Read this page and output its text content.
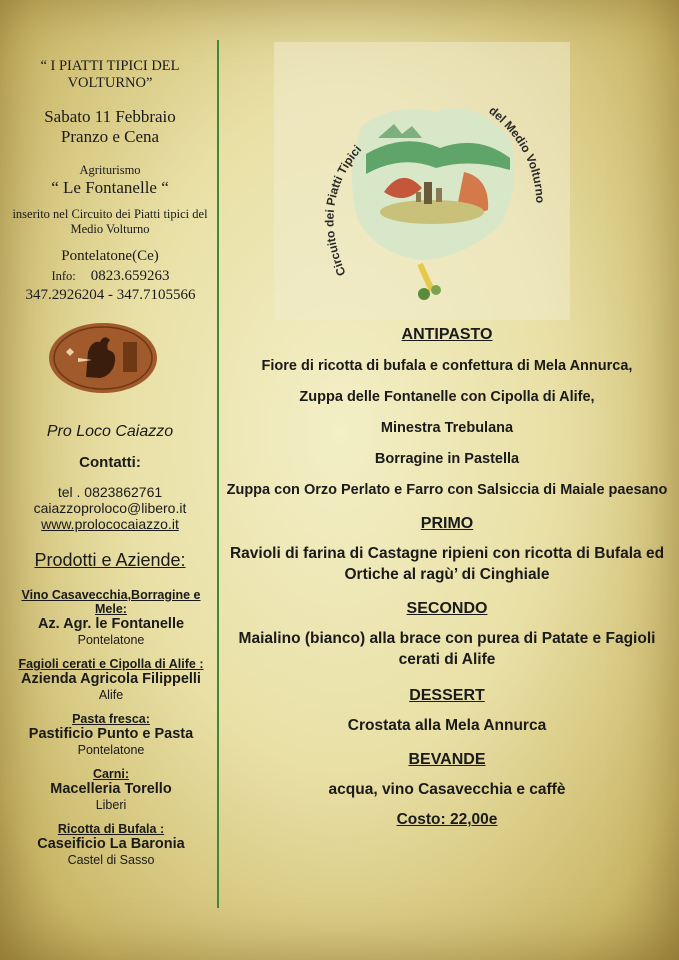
“ I PIATTI TIPICI DEL VOLTURNO”
Sabato 11 Febbraio
Pranzo e Cena
Agriturismo
“ Le Fontanelle “
inserito nel Circuito dei Piatti tipici del Medio Volturno
Pontelatone(Ce)
Info: 0823.659263
347.2926204 - 347.7105566
Pro Loco Caiazzo
Contatti:
tel . 0823862761
caiazzoproloco@libero.it
www.prolococaiazzo.it
Prodotti e Aziende:
Vino Casavecchia,Borragine e Mele:
Az. Agr. le Fontanelle
Pontelatone
Fagioli cerati e Cipolla di Alife :
Azienda Agricola Filippelli
Alife
Pasta fresca:
Pastificio Punto e Pasta
Pontelatone
Carni:
Macelleria Torello
Liberi
Ricotta di Bufala :
Caseificio La Baronia
Castel di Sasso
Circuito dei Piatti Tipici
del Medio Volturno
ANTIPASTO
Fiore di ricotta di bufala e confettura di Mela Annurca,
Zuppa delle Fontanelle con Cipolla di Alife,
Minestra Trebulana
Borragine in Pastella
Zuppa con Orzo Perlato e Farro con Salsiccia di Maiale paesano
PRIMO
Ravioli di farina di Castagne ripieni con ricotta di Bufala ed Ortiche al ragù’ di Cinghiale
SECONDO
Maialino (bianco) alla brace con purea di Patate e Fagioli cerati di Alife
DESSERT
Crostata alla Mela Annurca
BEVANDE
acqua, vino Casavecchia e caffè
Costo: 22,00e
